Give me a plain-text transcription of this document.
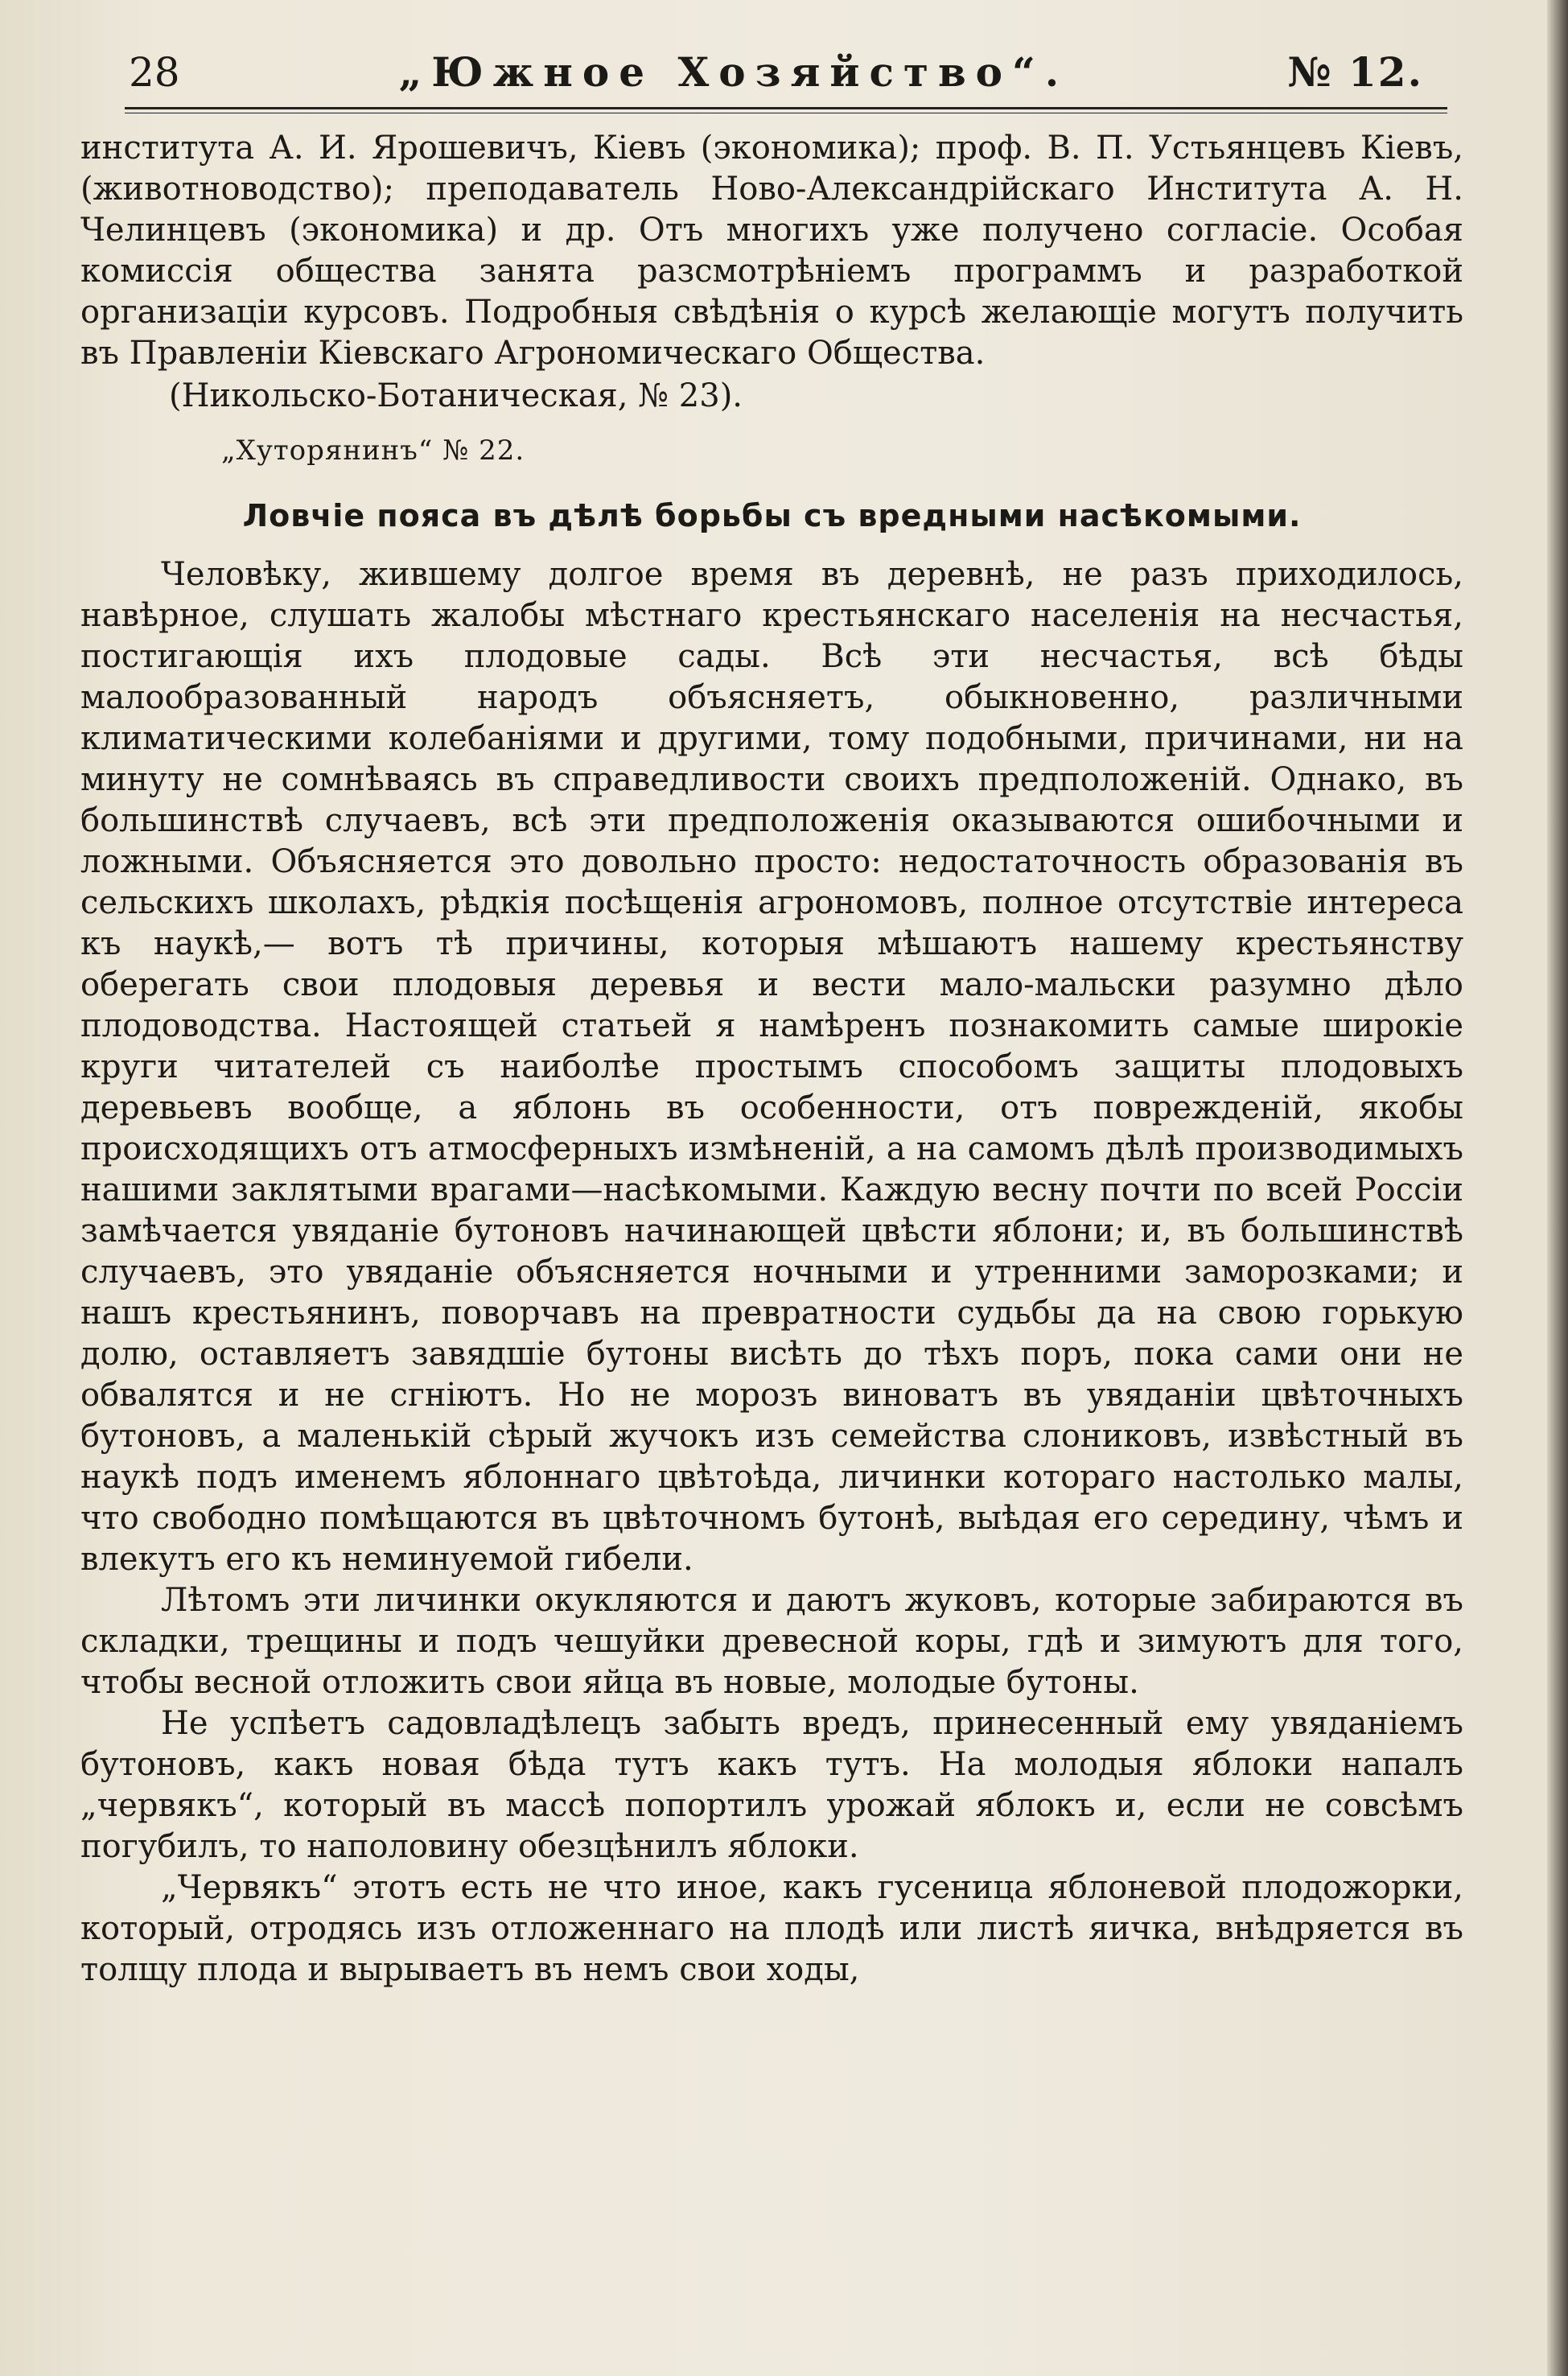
28	„Южное Хозяйство“.	№ 12.

института А. И. Ярошевичъ, Кіевъ (экономика); проф. В. П. Устьянцевъ Кіевъ, (животноводство); преподаватель Ново-Александрійскаго Института А. Н. Челинцевъ (экономика) и др. Отъ многихъ уже получено согласіе. Особая комиссія общества занята разсмотрѣніемъ программъ и разработкой организаціи курсовъ. Подробныя свѣдѣнія о курсѣ желающіе могутъ получить въ Правленіи Кіевскаго Агрономическаго Общества.

(Никольско-Ботаническая, № 23).
„Хуторянинъ“ № 22.
Ловчіе пояса въ дѣлѣ борьбы съ вредными насѣкомыми.

Человѣку, жившему долгое время въ деревнѣ, не разъ приходилось, навѣрное, слушать жалобы мѣстнаго крестьянскаго населенія на несчастья, постигающія ихъ плодовые сады. Всѣ эти несчастья, всѣ бѣды малообразованный народъ объясняетъ, обыкновенно, различными климатическими колебаніями и другими, тому подобными, причинами, ни на минуту не сомнѣваясь въ справедливости своихъ предположеній. Однако, въ большинствѣ случаевъ, всѣ эти предположенія оказываются ошибочными и ложными. Объясняется это довольно просто: недостаточность образованія въ сельскихъ школахъ, рѣдкія посѣщенія агрономовъ, полное отсутствіе интереса къ наукѣ,— вотъ тѣ причины, которыя мѣшаютъ нашему крестьянству оберегать свои плодовыя деревья и вести мало-мальски разумно дѣло плодоводства. Настоящей статьей я намѣренъ познакомить самые широкіе круги читателей съ наиболѣе простымъ способомъ защиты плодовыхъ деревьевъ вообще, а яблонь въ особенности, отъ поврежденій, якобы происходящихъ отъ атмосферныхъ измѣненій, а на самомъ дѣлѣ производимыхъ нашими заклятыми врагами—насѣкомыми. Каждую весну почти по всей Россіи замѣчается увяданіе бутоновъ начинающей цвѣсти яблони; и, въ большинствѣ случаевъ, это увяданіе объясняется ночными и утренними заморозками; и нашъ крестьянинъ, поворчавъ на превратности судьбы да на свою горькую долю, оставляетъ завядшіе бутоны висѣть до тѣхъ поръ, пока сами они не обвалятся и не сгніютъ. Но не морозъ виноватъ въ увяданіи цвѣточныхъ бутоновъ, а маленькій сѣрый жучокъ изъ семейства слониковъ, извѣстный въ наукѣ подъ именемъ яблоннаго цвѣтоѣда, личинки котораго настолько малы, что свободно помѣщаются въ цвѣточномъ бутонѣ, выѣдая его середину, чѣмъ и влекутъ его къ неминуемой гибели.

Лѣтомъ эти личинки окукляются и даютъ жуковъ, которые забираются въ складки, трещины и подъ чешуйки древесной коры, гдѣ и зимуютъ для того, чтобы весной отложить свои яйца въ новые, молодые бутоны.

Не успѣетъ садовладѣлецъ забыть вредъ, принесенный ему увяданіемъ бутоновъ, какъ новая бѣда тутъ какъ тутъ. На молодыя яблоки напалъ „червякъ“, который въ массѣ попортилъ урожай яблокъ и, если не совсѣмъ погубилъ, то наполовину обезцѣнилъ яблоки.

„Червякъ“ этотъ есть не что иное, какъ гусеница яблоневой плодожорки, который, отродясь изъ отложеннаго на плодѣ или листѣ яичка, внѣдряется въ толщу плода и вырываетъ въ немъ свои ходы,
